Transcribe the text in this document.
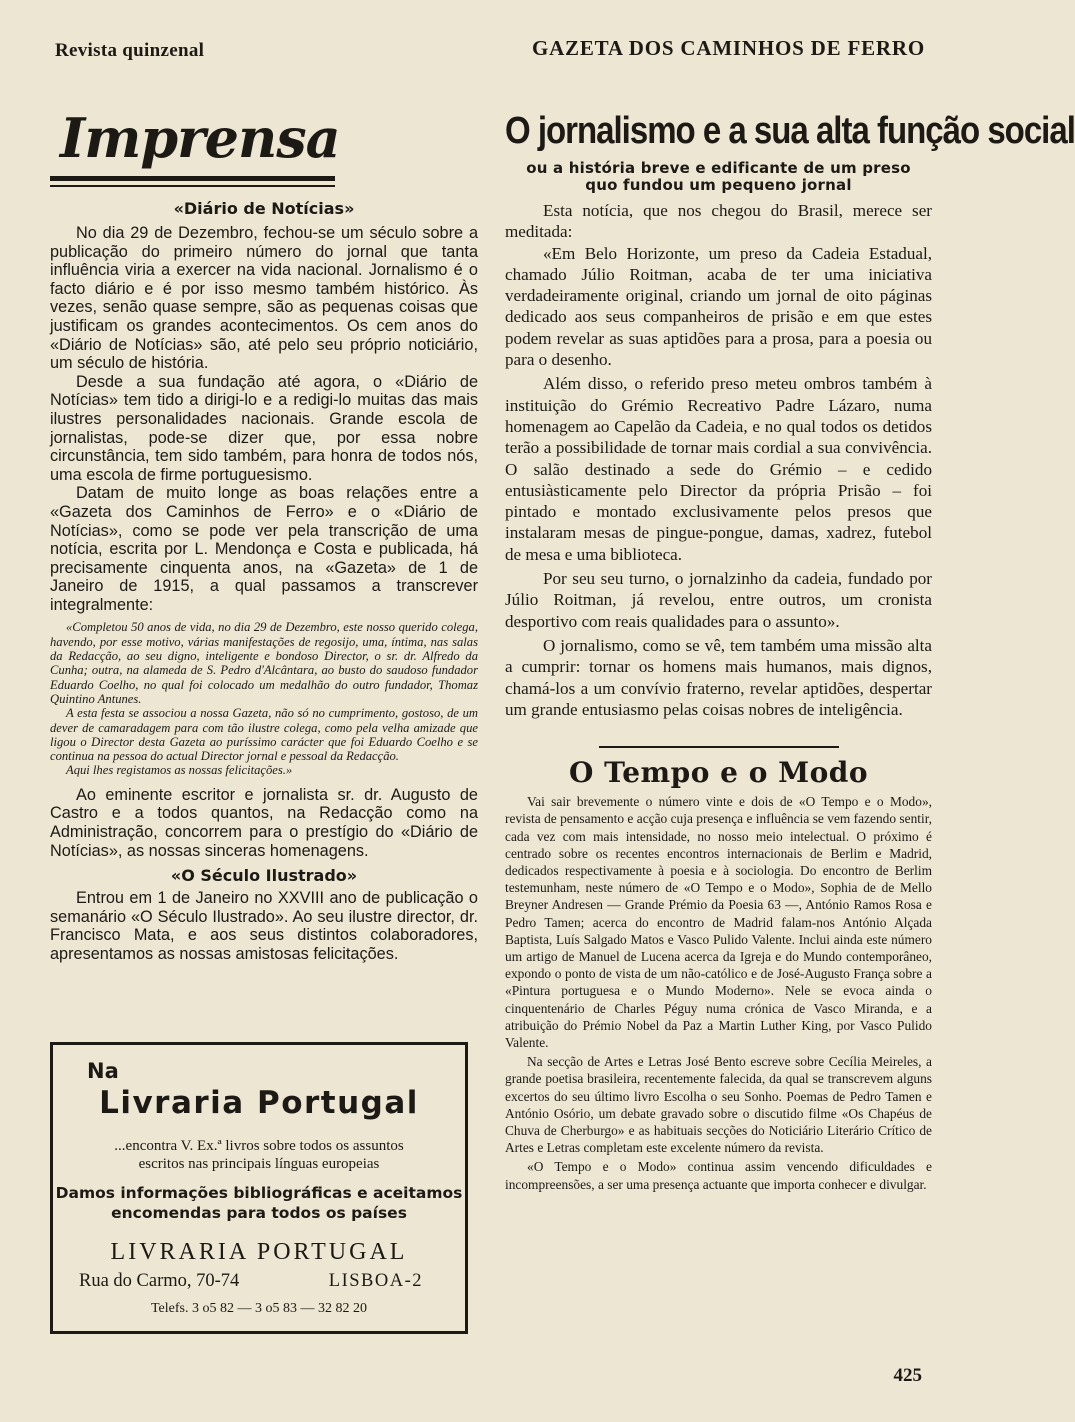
Revista quinzenal	GAZETA DOS CAMINHOS DE FERRO
Imprensa
«Diário de Notícias»

No dia 29 de Dezembro, fechou-se um século sobre a publicação do primeiro número do jornal que tanta influência viria a exercer na vida nacional. Jornalismo é o facto diário e é por isso mesmo também histórico. Às vezes, senão quase sempre, são as pequenas coisas que justificam os grandes acontecimentos. Os cem anos do «Diário de Notícias» são, até pelo seu próprio noticiário, um século de história.

Desde a sua fundação até agora, o «Diário de Notícias» tem tido a dirigi-lo e a redigi-lo muitas das mais ilustres personalidades nacionais. Grande escola de jornalistas, pode-se dizer que, por essa nobre circunstância, tem sido também, para honra de todos nós, uma escola de firme portuguesismo.

Datam de muito longe as boas relações entre a «Gazeta dos Caminhos de Ferro» e o «Diário de Notícias», como se pode ver pela transcrição de uma notícia, escrita por L. Mendonça e Costa e publicada, há precisamente cinquenta anos, na «Gazeta» de 1 de Janeiro de 1915, a qual passamos a transcrever integralmente:

«Completou 50 anos de vida, no dia 29 de Dezembro, este nosso querido colega, havendo, por esse motivo, várias manifestações de regosijo, uma, íntima, nas salas da Redacção, ao seu digno, inteligente e bondoso Director, o sr. dr. Alfredo da Cunha; outra, na alameda de S. Pedro d'Alcântara, ao busto do saudoso fundador Eduardo Coelho, no qual foi colocado um medalhão do outro fundador, Thomaz Quintino Antunes.

A esta festa se associou a nossa Gazeta, não só no cumprimento, gostoso, de um dever de camaradagem para com tão ilustre colega, como pela velha amizade que ligou o Director desta Gazeta ao puríssimo carácter que foi Eduardo Coelho e se continua na pessoa do actual Director jornal e pessoal da Redacção.

Aqui lhes registamos as nossas felicitações.»

Ao eminente escritor e jornalista sr. dr. Augusto de Castro e a todos quantos, na Redacção como na Administração, concorrem para o prestígio do «Diário de Notícias», as nossas sinceras homenagens.

«O Século Ilustrado»

Entrou em 1 de Janeiro no XXVIII ano de publicação o semanário «O Século Ilustrado». Ao seu ilustre director, dr. Francisco Mata, e aos seus distintos colaboradores, apresentamos as nossas amistosas felicitações.

Na
Livraria Portugal
...encontra V. Ex.ª livros sobre todos os assuntos
escritos nas principais línguas europeias
Damos informações bibliográficas e aceitamos
encomendas para todos os países
LIVRARIA PORTUGAL
Rua do Carmo, 70-74	LISBOA-2
Telefs. 3 o5 82 — 3 o5 83 — 32 82 20
O jornalismo e a sua alta função social
ou a história breve e edificante de um preso
quo fundou um pequeno jornal

Esta notícia, que nos chegou do Brasil, merece ser meditada:

«Em Belo Horizonte, um preso da Cadeia Estadual, chamado Júlio Roitman, acaba de ter uma iniciativa verdadeiramente original, criando um jornal de oito páginas dedicado aos seus companheiros de prisão e em que estes podem revelar as suas aptidões para a prosa, para a poesia ou para o desenho.

Além disso, o referido preso meteu ombros também à instituição do Grémio Recreativo Padre Lázaro, numa homenagem ao Capelão da Cadeia, e no qual todos os detidos terão a possibilidade de tornar mais cordial a sua convivência. O salão destinado a sede do Grémio – e cedido entusiàsticamente pelo Director da própria Prisão – foi pintado e montado exclusivamente pelos presos que instalaram mesas de pingue-pongue, damas, xadrez, futebol de mesa e uma biblioteca.

Por seu seu turno, o jornalzinho da cadeia, fundado por Júlio Roitman, já revelou, entre outros, um cronista desportivo com reais qualidades para o assunto».

O jornalismo, como se vê, tem também uma missão alta a cumprir: tornar os homens mais humanos, mais dignos, chamá-los a um convívio fraterno, revelar aptidões, despertar um grande entusiasmo pelas coisas nobres de inteligência.

O Tempo e o Modo

Vai sair brevemente o número vinte e dois de «O Tempo e o Modo», revista de pensamento e acção cuja presença e influência se vem fazendo sentir, cada vez com mais intensidade, no nosso meio intelectual. O próximo é centrado sobre os recentes encontros internacionais de Berlim e Madrid, dedicados respectivamente à poesia e à sociologia. Do encontro de Berlim testemunham, neste número de «O Tempo e o Modo», Sophia de de Mello Breyner Andresen — Grande Prémio da Poesia 63 —, António Ramos Rosa e Pedro Tamen; acerca do encontro de Madrid falam-nos António Alçada Baptista, Luís Salgado Matos e Vasco Pulido Valente. Inclui ainda este número um artigo de Manuel de Lucena acerca da Igreja e do Mundo contemporâneo, expondo o ponto de vista de um não-católico e de José-Augusto França sobre a «Pintura portuguesa e o Mundo Moderno». Nele se evoca ainda o cinquentenário de Charles Péguy numa crónica de Vasco Miranda, e a atribuição do Prémio Nobel da Paz a Martin Luther King, por Vasco Pulido Valente.

Na secção de Artes e Letras José Bento escreve sobre Cecília Meireles, a grande poetisa brasileira, recentemente falecida, da qual se transcrevem alguns excertos do seu último livro Escolha o seu Sonho. Poemas de Pedro Tamen e António Osório, um debate gravado sobre o discutido filme «Os Chapéus de Chuva de Cherburgo» e as habituais secções do Noticiário Literário Crítico de Artes e Letras completam este excelente número da revista.

«O Tempo e o Modo» continua assim vencendo dificuldades e incompreensões, a ser uma presença actuante que importa conhecer e divulgar.

425
